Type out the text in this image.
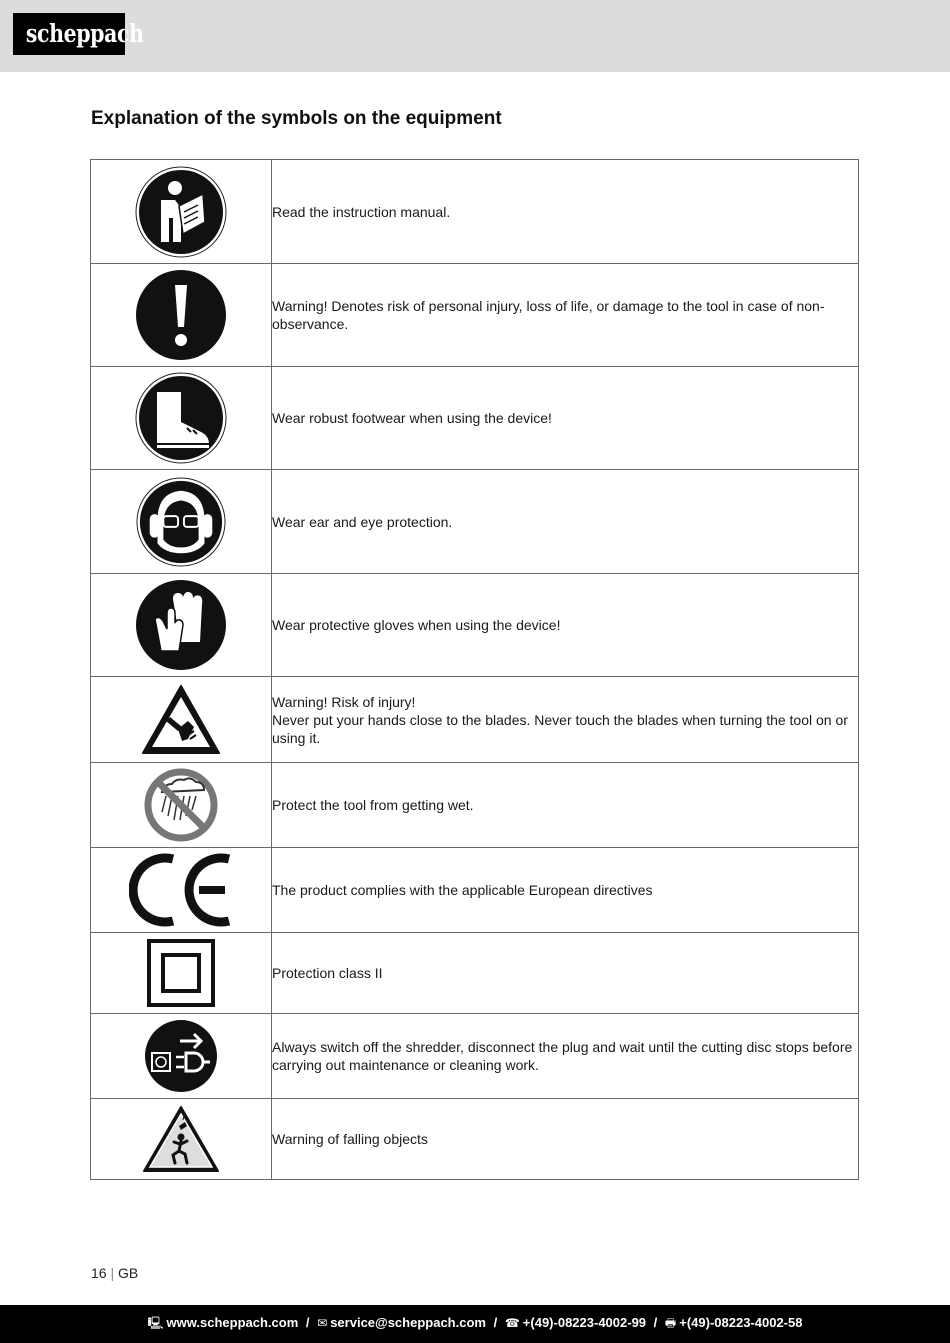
scheppach
Explanation of the symbols on the equipment

Read the instruction manual.

Warning! Denotes risk of personal injury, loss of life, or damage to the tool in case of non-observance.

Wear robust footwear when using the device!

Wear ear and eye protection.

Wear protective gloves when using the device!

Warning! Risk of injury!
Never put your hands close to the blades. Never touch the blades when turning the tool on or using it.

Protect the tool from getting wet.

The product complies with the applicable European directives

Protection class II

Always switch off the shredder, disconnect the plug and wait until the cutting disc stops before carrying out maintenance or cleaning work.

Warning of falling objects
16 | GB
🖳 www.scheppach.com / ✉ service@scheppach.com / ☎ +(49)-08223-4002-99 / 🖶 +(49)-08223-4002-58
